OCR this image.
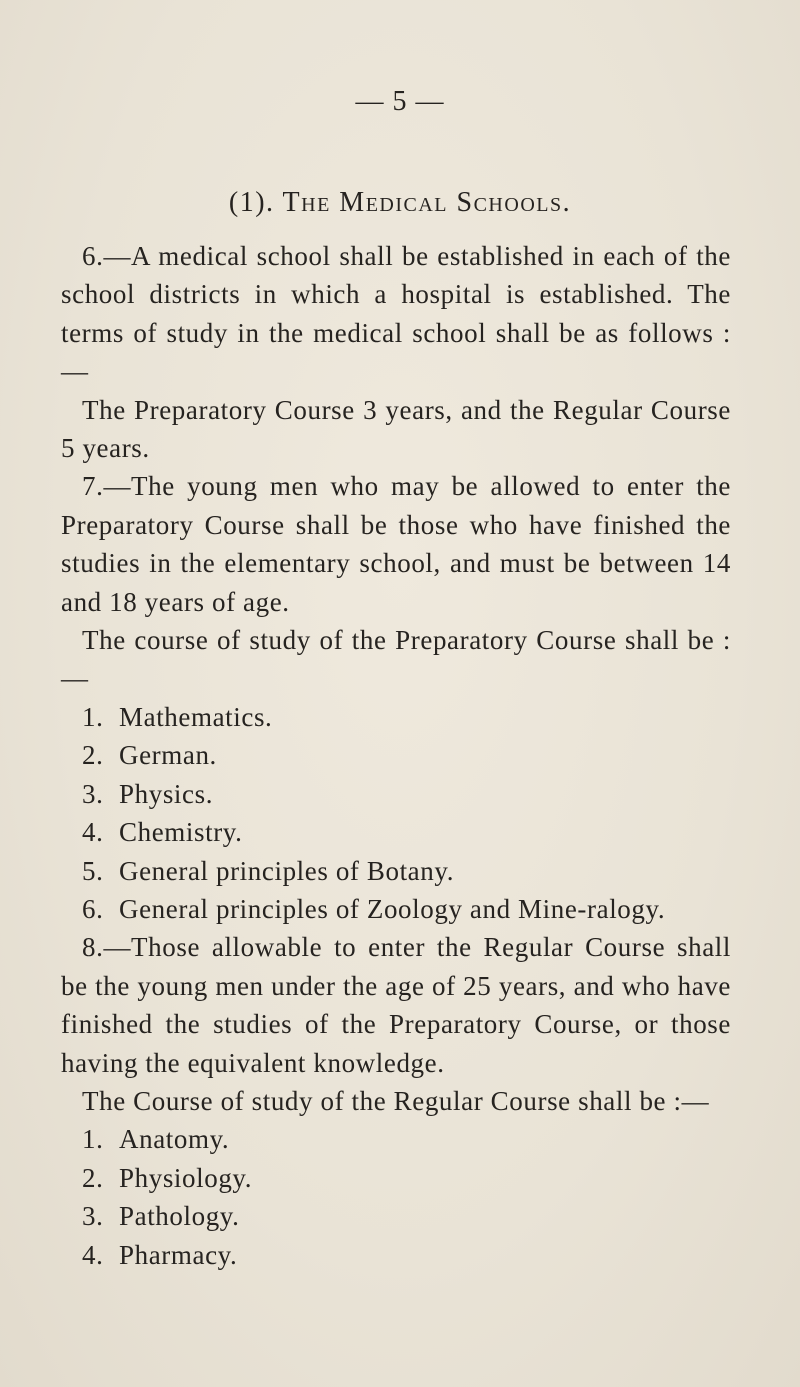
— 5 —
(1). The Medical Schools.

6.—A medical school shall be established in each of the school districts in which a hospital is established. The terms of study in the medical school shall be as follows :—

The Preparatory Course 3 years, and the Regular Course 5 years.

7.—The young men who may be allowed to enter the Preparatory Course shall be those who have finished the studies in the elementary school, and must be between 14 and 18 years of age.

The course of study of the Preparatory Course shall be :—

1. Mathematics.
2. German.
3. Physics.
4. Chemistry.
5. General principles of Botany.
6. General principles of Zoology and Mine-ralogy.

8.—Those allowable to enter the Regular Course shall be the young men under the age of 25 years, and who have finished the studies of the Preparatory Course, or those having the equivalent knowledge.

The Course of study of the Regular Course shall be :—

1. Anatomy.
2. Physiology.
3. Pathology.
4. Pharmacy.
